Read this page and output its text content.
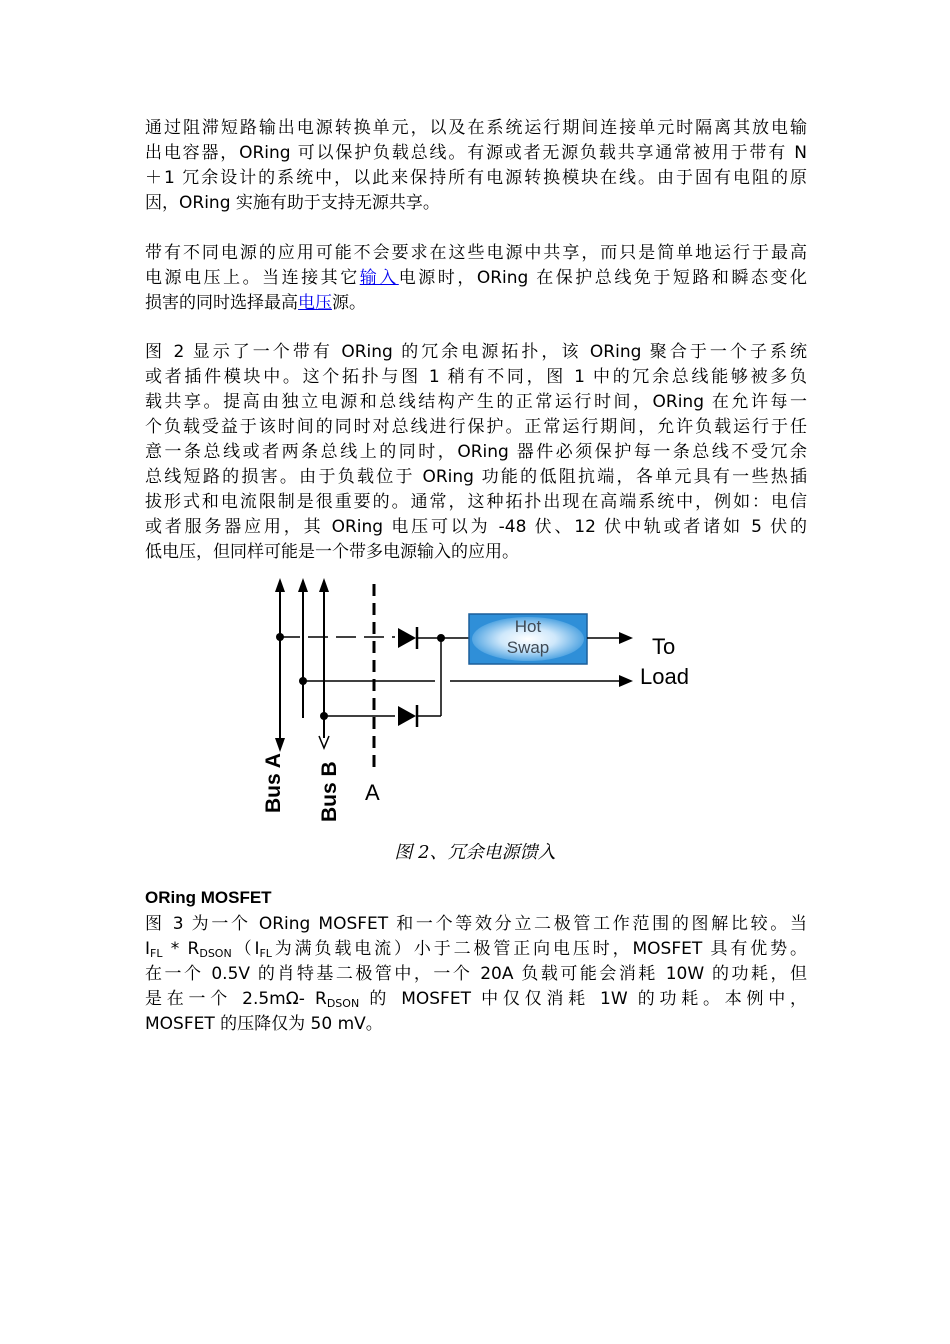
通过阻滞短路输出电源转换单元，以及在系统运行期间连接单元时隔离其放电输
出电容器，ORing 可以保护负载总线。有源或者无源负载共享通常被用于带有 N
＋1 冗余设计的系统中，以此来保持所有电源转换模块在线。由于固有电阻的原
因，ORing 实施有助于支持无源共享。

带有不同电源的应用可能不会要求在这些电源中共享，而只是简单地运行于最高
电源电压上。当连接其它输入电源时，ORing 在保护总线免于短路和瞬态变化
损害的同时选择最高电压源。

图 2 显示了一个带有 ORing 的冗余电源拓扑，该 ORing 聚合于一个子系统
或者插件模块中。这个拓扑与图 1 稍有不同，图 1 中的冗余总线能够被多负
载共享。提高由独立电源和总线结构产生的正常运行时间，ORing 在允许每一
个负载受益于该时间的同时对总线进行保护。正常运行期间，允许负载运行于任
意一条总线或者两条总线上的同时，ORing 器件必须保护每一条总线不受冗余
总线短路的损害。由于负载位于 ORing 功能的低阻抗端，各单元具有一些热插
拔形式和电流限制是很重要的。通常，这种拓扑出现在高端系统中，例如：电信
或者服务器应用，其 ORing 电压可以为 -48 伏、12 伏中轨或者诸如 5 伏的
低电压，但同样可能是一个带多电源输入的应用。

Hot
Swap	To
Load
Bus A Bus B A
图 2、冗余电源馈入
ORing MOSFET

图 3 为一个 ORing MOSFET 和一个等效分立二极管工作范围的图解比较。当
$I_{FL} * R_{DSON}(I_{FL}$为满负载电流）小于二极管正向电压时，MOSFET 具有优势。
在一个 0.5V 的肖特基二极管中，一个 20A 负载可能会消耗 10W 的功耗，但
是在一个 2.5mΩ- $R_{DSON}$ 的 MOSFET 中仅仅消耗 1W 的功耗。本例中，
MOSFET 的压降仅为 50 mV。
